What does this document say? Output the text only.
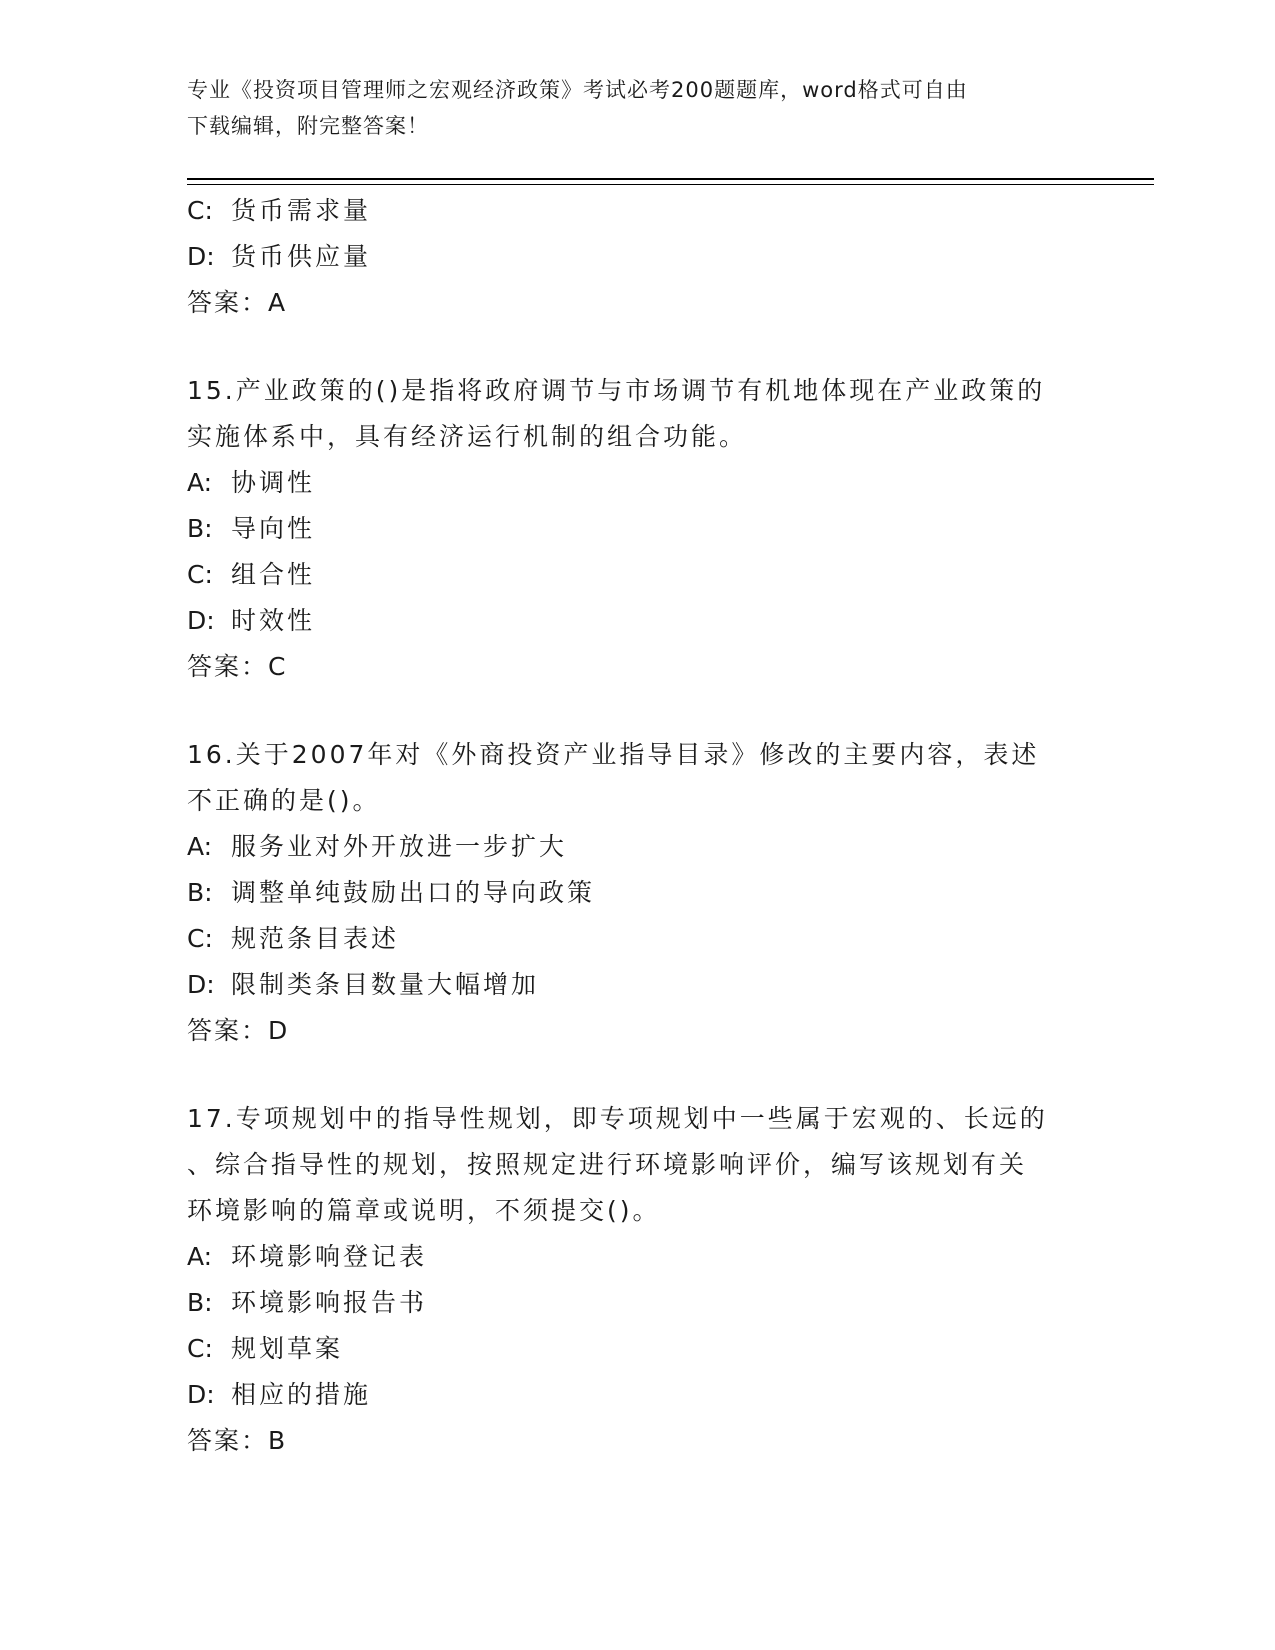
专业《投资项目管理师之宏观经济政策》考试必考200题题库，word格式可自由
下载编辑，附完整答案！
C: 货币需求量
D: 货币供应量
答案：A
15.产业政策的()是指将政府调节与市场调节有机地体现在产业政策的
实施体系中，具有经济运行机制的组合功能。
A: 协调性
B: 导向性
C: 组合性
D: 时效性
答案：C
16.关于2007年对《外商投资产业指导目录》修改的主要内容，表述
不正确的是()。
A: 服务业对外开放进一步扩大
B: 调整单纯鼓励出口的导向政策
C: 规范条目表述
D: 限制类条目数量大幅增加
答案：D
17.专项规划中的指导性规划，即专项规划中一些属于宏观的、长远的
、综合指导性的规划，按照规定进行环境影响评价，编写该规划有关
环境影响的篇章或说明，不须提交()。
A: 环境影响登记表
B: 环境影响报告书
C: 规划草案
D: 相应的措施
答案：B
